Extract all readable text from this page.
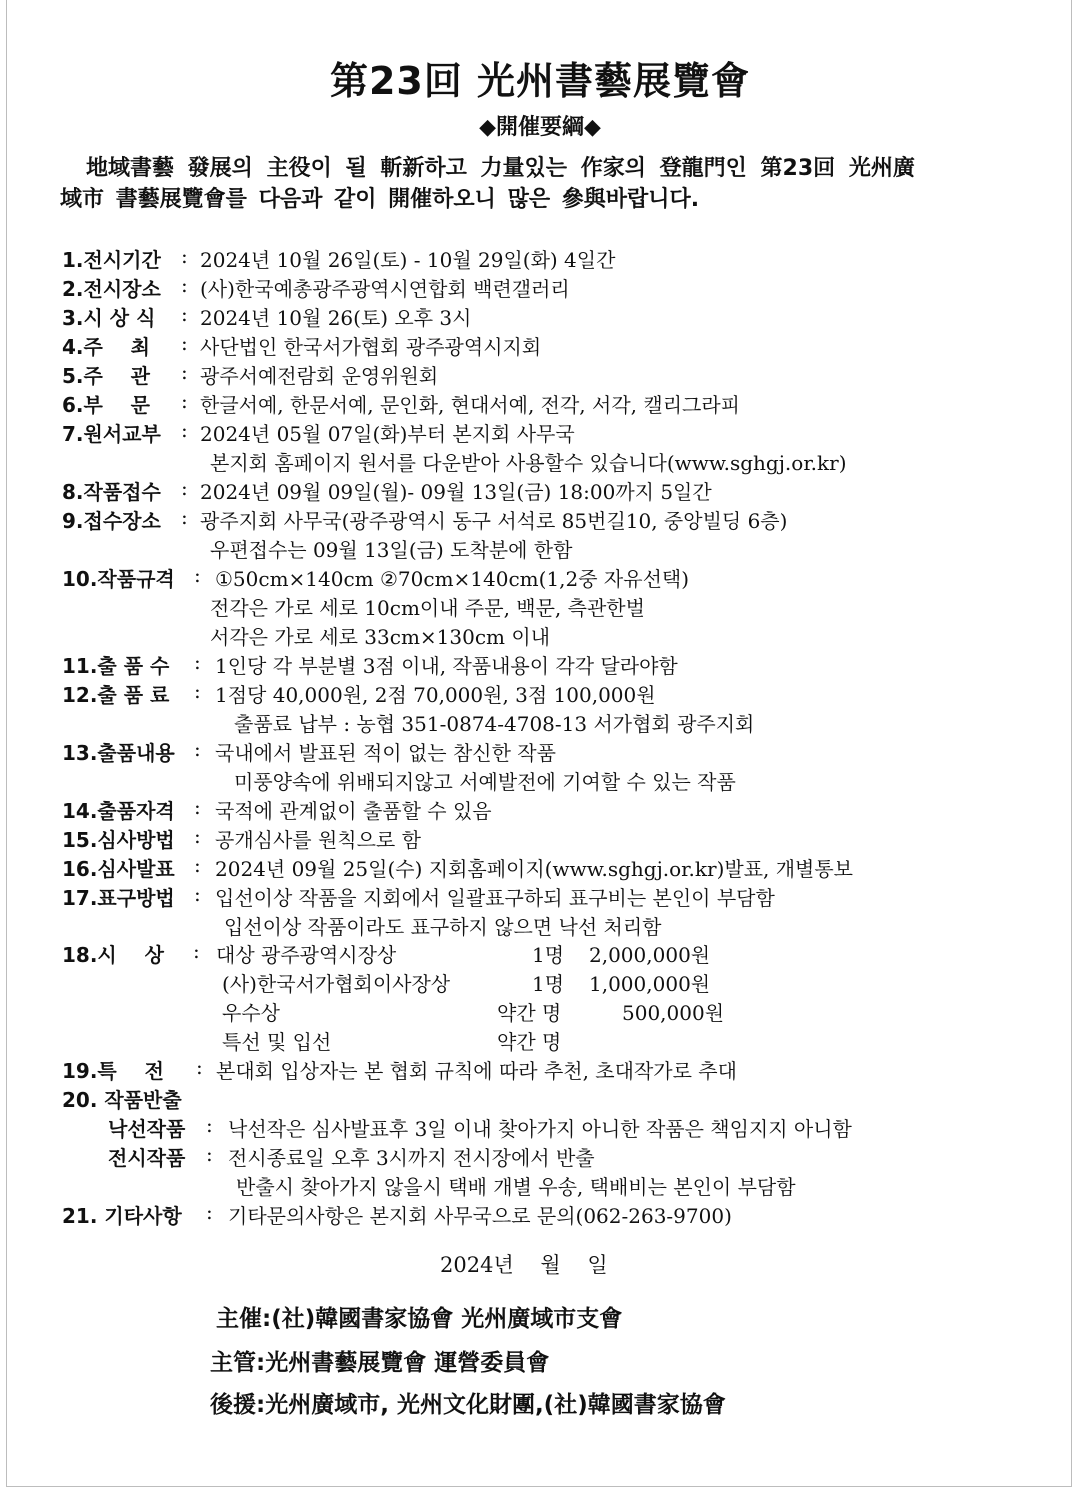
第23回 光州書藝展覽會
◆開催要綱◆
地域書藝 發展의 主役이 될 斬新하고 力量있는 作家의 登龍門인 第23回 光州廣
域市 書藝展覽會를 다음과 같이 開催하오니 많은 參與바랍니다.
1.전시기간 : 2024년 10월 26일(토) - 10월 29일(화) 4일간
2.전시장소 : (사)한국예총광주광역시연합회 백련갤러리
3.시 상 식 : 2024년 10월 26(토) 오후 3시
4.주    최 : 사단법인 한국서가협회 광주광역시지회
5.주    관 : 광주서예전람회 운영위원회
6.부    문 : 한글서예, 한문서예, 문인화, 현대서예, 전각, 서각, 캘리그라피
7.원서교부 : 2024년 05월 07일(화)부터 본지회 사무국
본지회 홈페이지 원서를 다운받아 사용할수 있습니다(www.sghgj.or.kr)
8.작품접수 : 2024년 09월 09일(월)- 09월 13일(금) 18:00까지 5일간
9.접수장소 : 광주지회 사무국(광주광역시 동구 서석로 85번길10, 중앙빌딩 6층)
우편접수는 09월 13일(금) 도착분에 한함
10.작품규격 : ①50cm×140cm ②70cm×140cm(1,2중 자유선택)
전각은 가로 세로 10cm이내 주문, 백문, 측관한벌
서각은 가로 세로 33cm×130cm 이내
11.출 품 수 : 1인당 각 부분별 3점 이내, 작품내용이 각각 달라야함
12.출 품 료 : 1점당 40,000원, 2점 70,000원, 3점 100,000원
출품료 납부 : 농협 351-0874-4708-13 서가협회 광주지회
13.출품내용 : 국내에서 발표된 적이 없는 참신한 작품
미풍양속에 위배되지않고 서예발전에 기여할 수 있는 작품
14.출품자격 : 국적에 관계없이 출품할 수 있음
15.심사방법 : 공개심사를 원칙으로 함
16.심사발표 : 2024년 09월 25일(수) 지회홈페이지(www.sghgj.or.kr)발표, 개별통보
17.표구방법 : 입선이상 작품을 지회에서 일괄표구하되 표구비는 본인이 부담함
입선이상 작품이라도 표구하지 않으면 낙선 처리함
18.시    상 : 대상 광주광역시장상	1명 2,000,000원
(사)한국서가협회이사장상	1명 1,000,000원
우수상	약간 명	500,000원
특선 및 입선	약간 명
19.특    전 : 본대회 입상자는 본 협회 규칙에 따라 추천, 초대작가로 추대
20. 작품반출
낙선작품 : 낙선작은 심사발표후 3일 이내 찾아가지 아니한 작품은 책임지지 아니함
전시작품 : 전시종료일 오후 3시까지 전시장에서 반출
반출시 찾아가지 않을시 택배 개별 우송, 택배비는 본인이 부담함
21. 기타사항 : 기타문의사항은 본지회 사무국으로 문의(062-263-9700)
2024년    월    일
主催:(社)韓國書家協會 光州廣域市支會
主管:光州書藝展覽會 運營委員會
後援:光州廣域市, 光州文化財團,(社)韓國書家協會
